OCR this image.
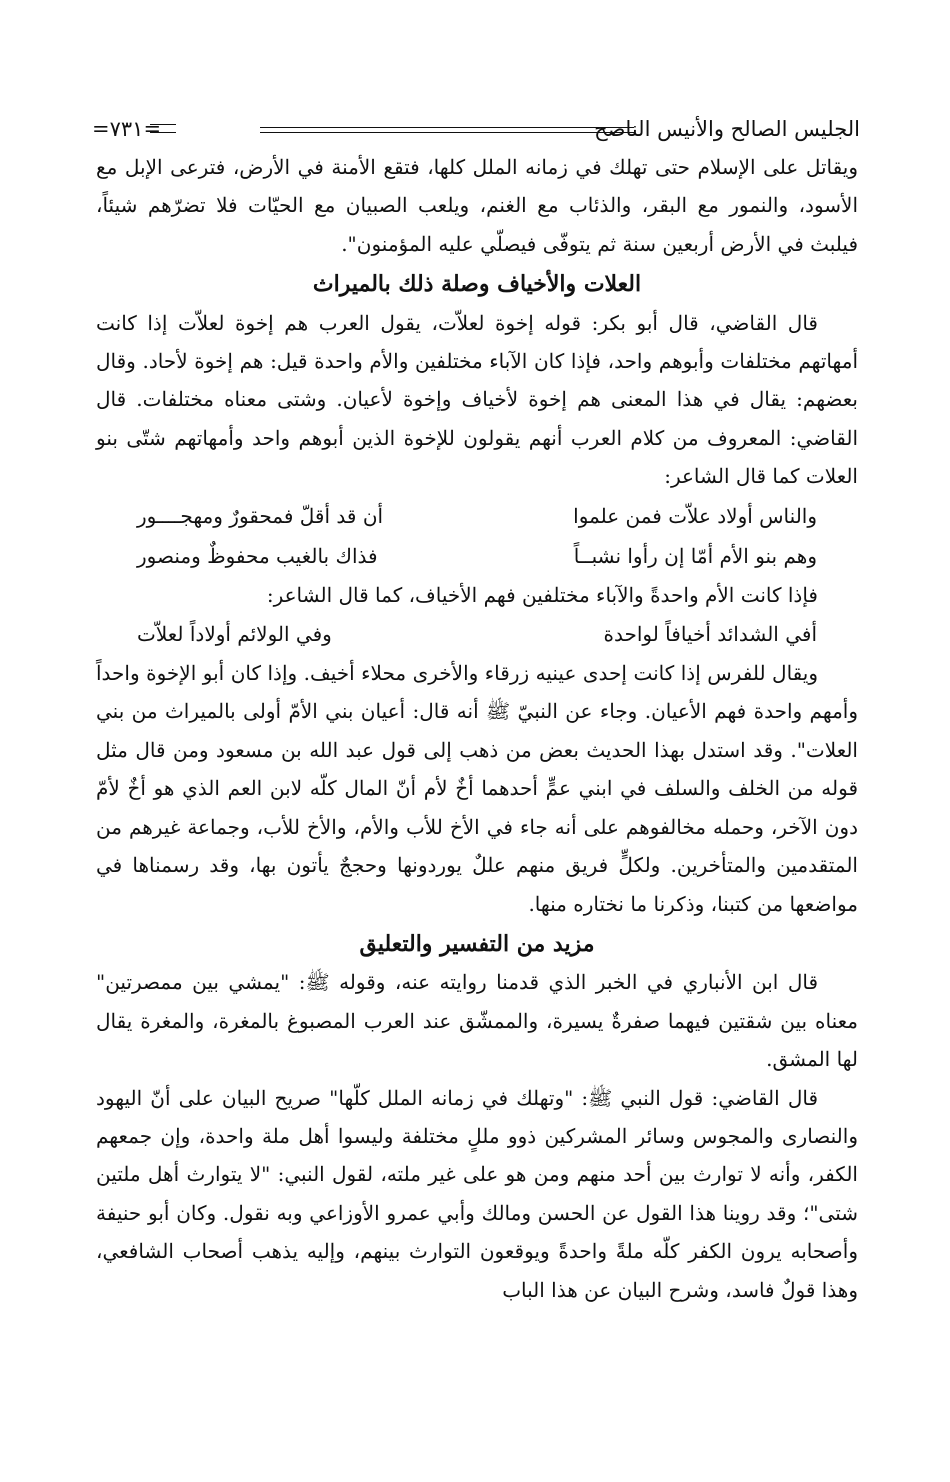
=٧٣١=	الجليس الصالح والأنيس الناصح

ويقاتل على الإسلام حتى تهلك في زمانه الملل كلها، فتقع الأمنة في الأرض، فترعى الإبل مع الأسود، والنمور مع البقر، والذئاب مع الغنم، ويلعب الصبيان مع الحيّات فلا تضرّهم شيئاً، فيلبث في الأرض أربعين سنة ثم يتوفّى فيصلّي عليه المؤمنون".

العلات والأخياف وصلة ذلك بالميراث

قال القاضي، قال أبو بكر: قوله إخوة لعلاّت، يقول العرب هم إخوة لعلاّت إذا كانت أمهاتهم مختلفات وأبوهم واحد، فإذا كان الآباء مختلفين والأم واحدة قيل: هم إخوة لأحاد. وقال بعضهم: يقال في هذا المعنى هم إخوة لأخياف وإخوة لأعيان. وشتى معناه مختلفات. قال القاضي: المعروف من كلام العرب أنهم يقولون للإخوة الذين أبوهم واحد وأمهاتهم شتّى بنو العلات كما قال الشاعر:

والناس أولاد علاّت فمن علموا
أن قد أقلّ فمحقورٌ ومهجــــور
وهم بنو الأم أمّا إن رأوا نشبــاً
فذاك بالغيب محفوظٌ ومنصور
فإذا كانت الأم واحدةً والآباء مختلفين فهم الأخياف، كما قال الشاعر:
أفي الشدائد أخيافاً لواحدة
وفي الولائم أولاداً لعلاّت

ويقال للفرس إذا كانت إحدى عينيه زرقاء والأخرى محلاء أخيف. وإذا كان أبو الإخوة واحداً وأمهم واحدة فهم الأعيان. وجاء عن النبيّ ﷺ أنه قال: أعيان بني الأمّ أولى بالميراث من بني العلات". وقد استدل بهذا الحديث بعض من ذهب إلى قول عبد الله بن مسعود ومن قال مثل قوله من الخلف والسلف في ابني عمٍّ أحدهما أخٌ لأم أنّ المال كلّه لابن العم الذي هو أخٌ لأمّ دون الآخر، وحمله مخالفوهم على أنه جاء في الأخ للأب والأم، والأخ للأب، وجماعة غيرهم من المتقدمين والمتأخرين. ولكلٍّ فريق منهم عللٌ يوردونها وحججٌ يأتون بها، وقد رسمناها في مواضعها من كتبنا، وذكرنا ما نختاره منها.

مزيد من التفسير والتعليق

قال ابن الأنباري في الخبر الذي قدمنا روايته عنه، وقوله ﷺ: "يمشي بين ممصرتين" معناه بين شقتين فيهما صفرةٌ يسيرة، والممشّق عند العرب المصبوغ بالمغرة، والمغرة يقال لها المشق.

قال القاضي: قول النبي ﷺ: "وتهلك في زمانه الملل كلّها" صريح البيان على أنّ اليهود والنصارى والمجوس وسائر المشركين ذوو مللٍ مختلفة وليسوا أهل ملة واحدة، وإن جمعهم الكفر، وأنه لا توارث بين أحد منهم ومن هو على غير ملته، لقول النبي: "لا يتوارث أهل ملتين شتى"؛ وقد روينا هذا القول عن الحسن ومالك وأبي عمرو الأوزاعي وبه نقول. وكان أبو حنيفة وأصحابه يرون الكفر كلّه ملةً واحدةً ويوقعون التوارث بينهم، وإليه يذهب أصحاب الشافعي، وهذا قولٌ فاسد، وشرح البيان عن هذا الباب
